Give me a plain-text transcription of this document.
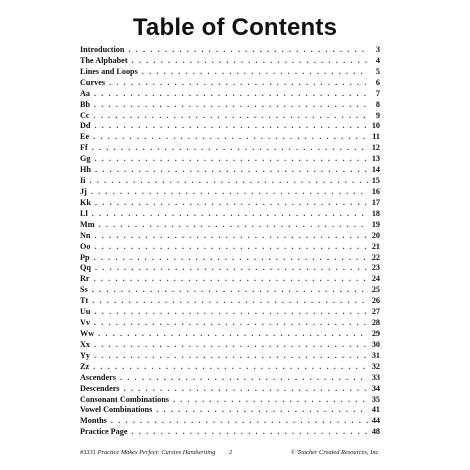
Table of Contents
Introduction . . .	3
The Alphabet . . .	4
Lines and Loops . . .	5
Curves . . .	6
Aa . . .	7
Bb . . .	8
Cc . . .	9
Dd . . .	10
Ee . . .	11
Ff . . .	12
Gg . . .	13
Hh . . .	14
Ii . . .	15
Jj . . .	16
Kk . . .	17
Ll . . .	18
Mm . . .	19
Nn . . .	20
Oo . . .	21
Pp . . .	22
Qq . . .	23
Rr . . .	24
Ss . . .	25
Tt . . .	26
Uu . . .	27
Vv . . .	28
Ww . . .	29
Xx . . .	30
Yy . . .	31
Zz . . .	32
Ascenders . . .	33
Descenders . . .	34
Consonant Combinations . . .	35
Vowel Combinations . . .	41
Months . . .	44
Practice Page . . .	48
#3331 Practice Makes Perfect: Cursive Handwriting 2	© Teacher Created Resources, Inc.
